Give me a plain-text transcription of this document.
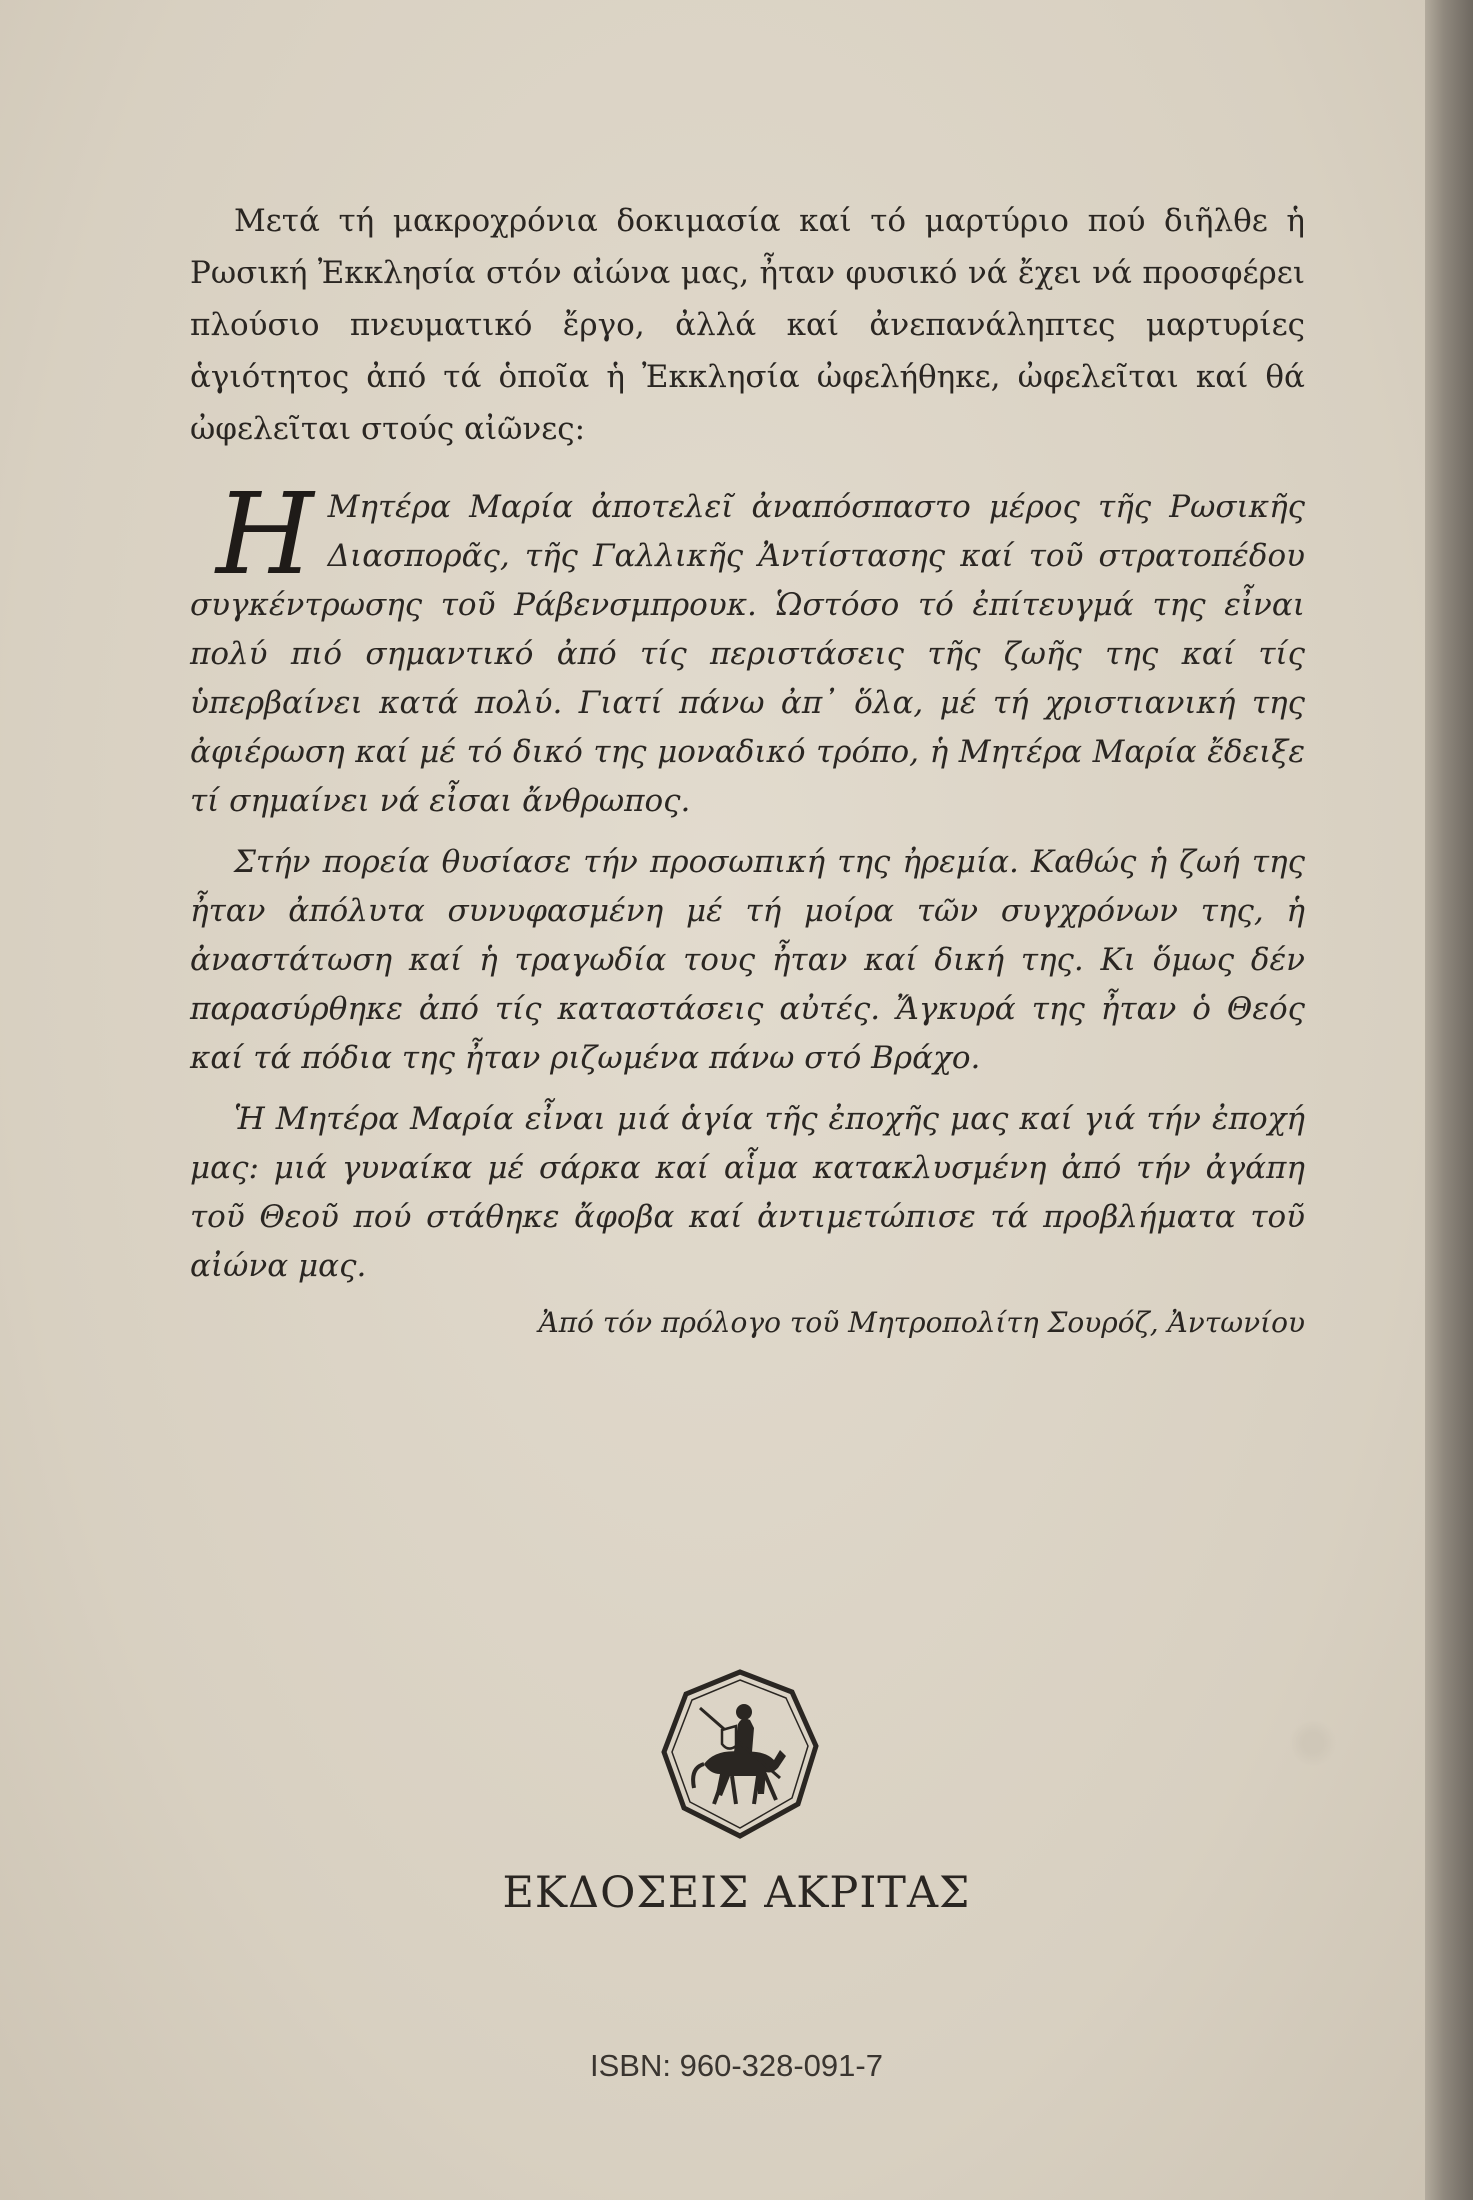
Μετά τή μακροχρόνια δοκιμασία καί τό μαρτύριο πού διῆλθε ἡ Ρωσική Ἐκκλησία στόν αἰώνα μας, ἦταν φυσικό νά ἔχει νά προσφέρει πλούσιο πνευματικό ἔργο, ἀλλά καί ἀνεπανάληπτες μαρτυρίες ἁγιότητος ἀπό τά ὁποῖα ἡ Ἐκκλησία ὠφελήθηκε, ὠφελεῖται καί θά ὠφελεῖται στούς αἰῶνες:

Η Μητέρα Μαρία ἀποτελεῖ ἀναπόσπαστο μέρος τῆς Ρωσικῆς Διασπορᾶς, τῆς Γαλλικῆς Ἀντίστασης καί τοῦ στρατοπέδου συγκέντρωσης τοῦ Ράβενσμπρουκ. Ὡστόσο τό ἐπίτευγμά της εἶναι πολύ πιό σημαντικό ἀπό τίς περιστάσεις τῆς ζωῆς της καί τίς ὑπερβαίνει κατά πολύ. Γιατί πάνω ἀπ᾿ ὅλα, μέ τή χριστιανική της ἀφιέρωση καί μέ τό δικό της μοναδικό τρόπο, ἡ Μητέρα Μαρία ἔδειξε τί σημαίνει νά εἶσαι ἄνθρωπος.

Στήν πορεία θυσίασε τήν προσωπική της ἠρεμία. Καθώς ἡ ζωή της ἦταν ἀπόλυτα συνυφασμένη μέ τή μοίρα τῶν συγχρόνων της, ἡ ἀναστάτωση καί ἡ τραγωδία τους ἦταν καί δική της. Κι ὅμως δέν παρασύρθηκε ἀπό τίς καταστάσεις αὐτές. Ἄγκυρά της ἦταν ὁ Θεός καί τά πόδια της ἦταν ριζωμένα πάνω στό Βράχο.

Ἡ Μητέρα Μαρία εἶναι μιά ἁγία τῆς ἐποχῆς μας καί γιά τήν ἐποχή μας: μιά γυναίκα μέ σάρκα καί αἷμα κατακλυσμένη ἀπό τήν ἀγάπη τοῦ Θεοῦ πού στάθηκε ἄφοβα καί ἀντιμετώπισε τά προβλήματα τοῦ αἰώνα μας.

Ἀπό τόν πρόλογο τοῦ Μητροπολίτη Σουρόζ, Ἀντωνίου
ΕΚΔΟΣΕΙΣ ΑΚΡΙΤΑΣ
ISBN: 960-328-091-7
